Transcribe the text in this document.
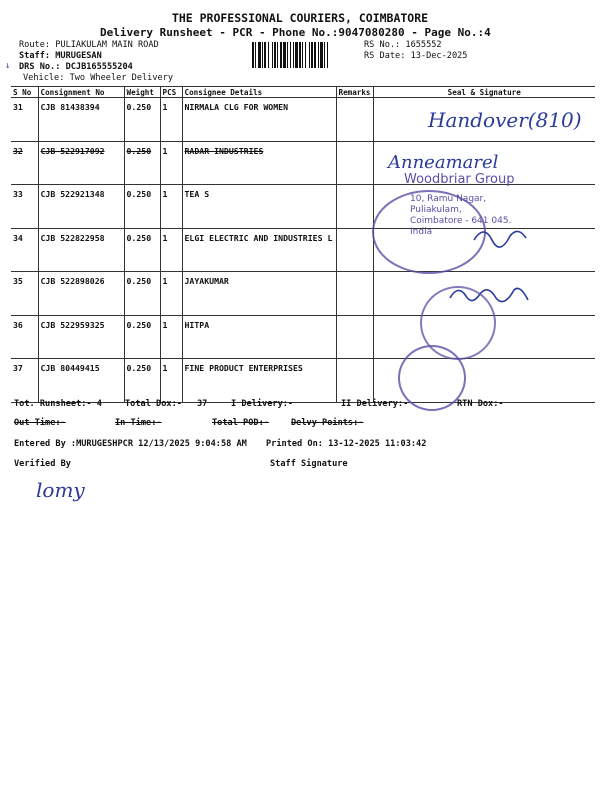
THE PROFESSIONAL COURIERS, COIMBATORE
Delivery Runsheet - PCR - Phone No.:9047080280 - Page No.:4
Route: PULIAKULAM MAIN ROAD
Staff: MURUGESAN
DRS No.: DCJB165555204
Vehicle: Two Wheeler Delivery
↓
RS No.: 1655552
RS Date: 13-Dec-2025
S No	Consignment No	Weight	PCS	Consignee Details	Remarks	Seal & Signature
31	CJB 81438394	0.250	1	NIRMALA CLG FOR WOMEN		
32	CJB 522917092	0.250	1	RADAR INDUSTRIES		
33	CJB 522921348	0.250	1	TEA S		
34	CJB 522822958	0.250	1	ELGI ELECTRIC AND INDUSTRIES L		
35	CJB 522898026	0.250	1	JAYAKUMAR		
36	CJB 522959325	0.250	1	HITPA		
37	CJB 80449415	0.250	1	FINE PRODUCT ENTERPRISES		
Handover(810)
Anneamarel
Woodbriar Group
10, Ramu Nagar,
Puliakulam,
Coimbatore - 641 045.
India
Tot. Runsheet:- 4	Total Dox:- 37	I Delivery:-	II Delivery:-	RTN Dox:-
Out Time:-	In Time:-	Total POD:-	Delvy Points:-
Entered By :MURUGESHPCR 12/13/2025 9:04:58 AM Printed On: 13-12-2025 11:03:42
Verified By	Staff Signature
lomy
